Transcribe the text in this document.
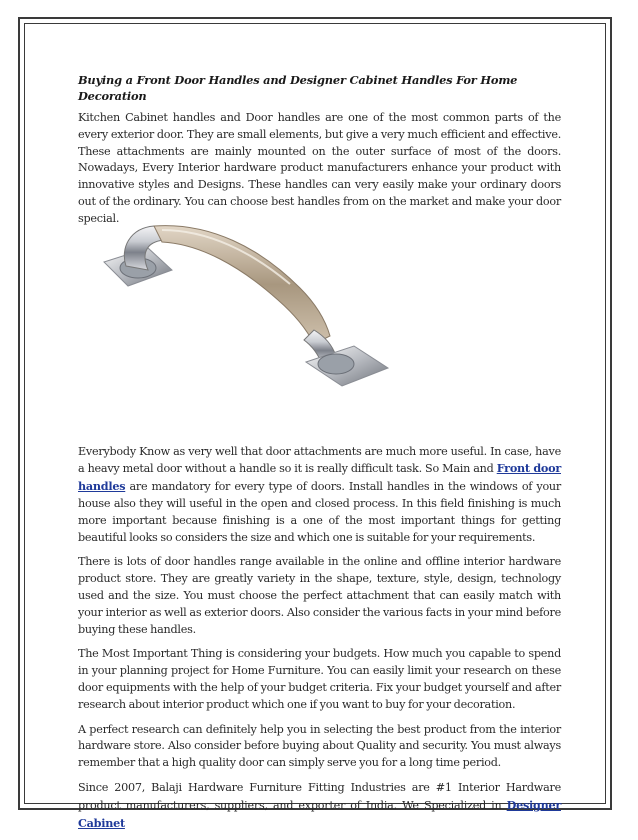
Buying a Front Door Handles and Designer Cabinet Handles For Home Decoration

Kitchen Cabinet handles and Door handles are one of the most common parts of the every exterior door. They are small elements, but give a very much efficient and effective. These attachments are mainly mounted on the outer surface of most of the doors. Nowadays, Every Interior hardware product manufacturers enhance your product with innovative styles and Designs. These handles can very easily make your ordinary doors out of the ordinary. You can choose best handles from on the market and make your door special.

Everybody Know as very well that door attachments are much more useful. In case, have a heavy metal door without a handle so it is really difficult task. So Main and Front door handles are mandatory for every type of doors. Install handles in the windows of your house also they will useful in the open and closed process. In this field finishing is much more important because finishing is a one of the most important things for getting beautiful looks so considers the size and which one is suitable for your requirements.

There is lots of door handles range available in the online and offline interior hardware product store. They are greatly variety in the shape, texture, style, design, technology used and the size. You must choose the perfect attachment that can easily match with your interior as well as exterior doors. Also consider the various facts in your mind before buying these handles.

The Most Important Thing is considering your budgets. How much you capable to spend in your planning project for Home Furniture. You can easily limit your research on these door equipments with the help of your budget criteria. Fix your budget yourself and after research about interior product which one if you want to buy for your decoration.

A perfect research can definitely help you in selecting the best product from the interior hardware store. Also consider before buying about Quality and security. You must always remember that a high quality door can simply serve you for a long time period.

Since 2007, Balaji Hardware Furniture Fitting Industries are #1 Interior Hardware product manufacturers, suppliers, and exporter of India. We Specialized in Designer Cabinet
